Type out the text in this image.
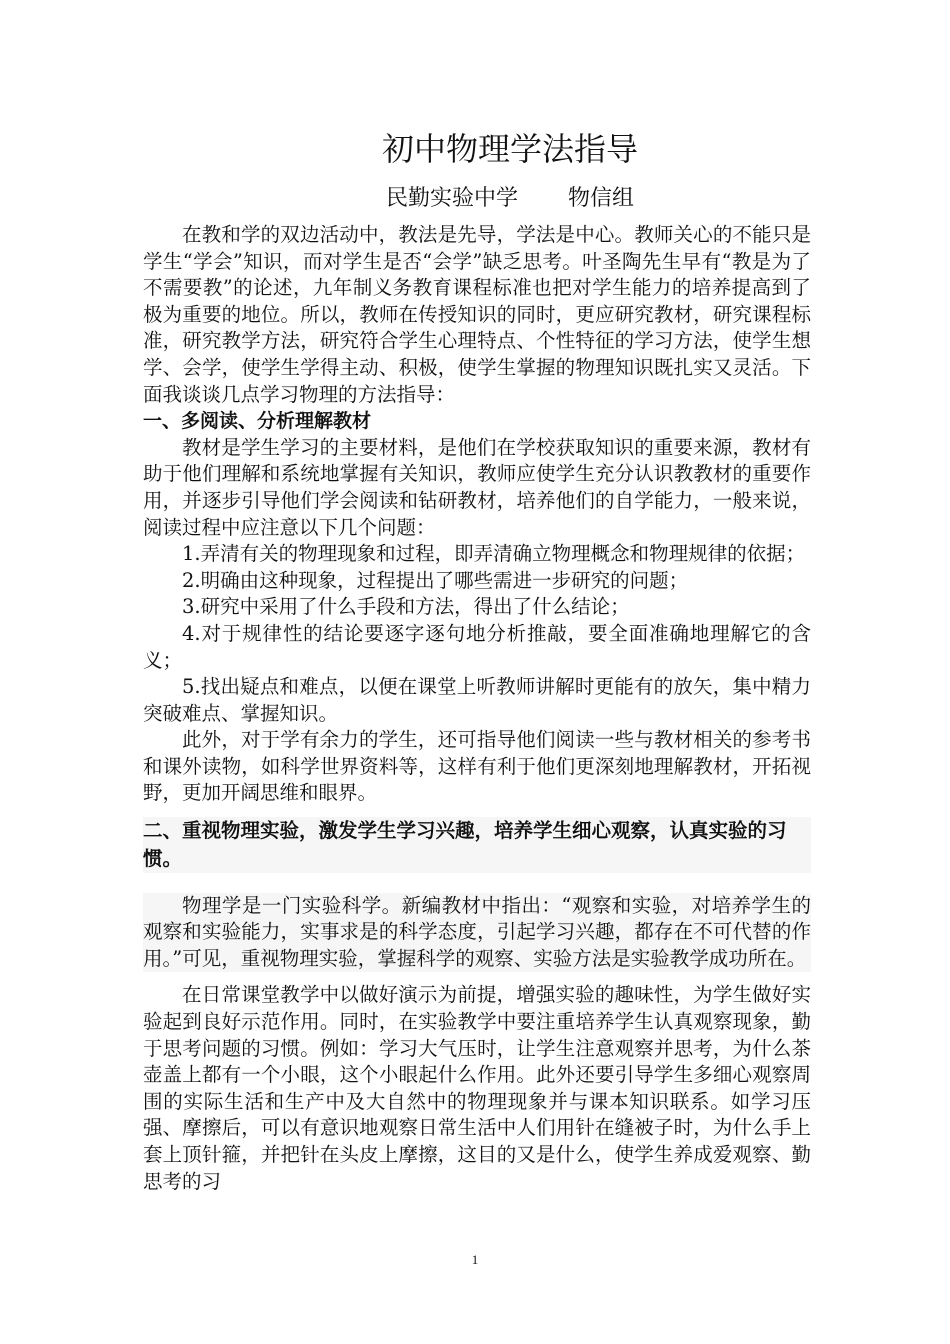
初中物理学法指导
民勤实验中学 物信组

在教和学的双边活动中，教法是先导，学法是中心。教师关心的不能只是学生“学会”知识，而对学生是否“会学”缺乏思考。叶圣陶先生早有“教是为了不需要教”的论述，九年制义务教育课程标准也把对学生能力的培养提高到了极为重要的地位。所以，教师在传授知识的同时，更应研究教材，研究课程标准，研究教学方法，研究符合学生心理特点、个性特征的学习方法，使学生想学、会学，使学生学得主动、积极，使学生掌握的物理知识既扎实又灵活。下面我谈谈几点学习物理的方法指导：

一、多阅读、分析理解教材

教材是学生学习的主要材料，是他们在学校获取知识的重要来源，教材有助于他们理解和系统地掌握有关知识，教师应使学生充分认识教教材的重要作用，并逐步引导他们学会阅读和钻研教材，培养他们的自学能力，一般来说，阅读过程中应注意以下几个问题：

1.弄清有关的物理现象和过程，即弄清确立物理概念和物理规律的依据；

2.明确由这种现象，过程提出了哪些需进一步研究的问题；

3.研究中采用了什么手段和方法，得出了什么结论；

4.对于规律性的结论要逐字逐句地分析推敲，要全面准确地理解它的含义；

5.找出疑点和难点，以便在课堂上听教师讲解时更能有的放矢，集中精力突破难点、掌握知识。

此外，对于学有余力的学生，还可指导他们阅读一些与教材相关的参考书和课外读物，如科学世界资料等，这样有利于他们更深刻地理解教材，开拓视野，更加开阔思维和眼界。

二、重视物理实验，激发学生学习兴趣，培养学生细心观察，认真实验的习惯。

物理学是一门实验科学。新编教材中指出：“观察和实验，对培养学生的观察和实验能力，实事求是的科学态度，引起学习兴趣，都存在不可代替的作用。”可见，重视物理实验，掌握科学的观察、实验方法是实验教学成功所在。

在日常课堂教学中以做好演示为前提，增强实验的趣味性，为学生做好实验起到良好示范作用。同时，在实验教学中要注重培养学生认真观察现象，勤于思考问题的习惯。例如：学习大气压时，让学生注意观察并思考，为什么茶壶盖上都有一个小眼，这个小眼起什么作用。此外还要引导学生多细心观察周围的实际生活和生产中及大自然中的物理现象并与课本知识联系。如学习压强、摩擦后，可以有意识地观察日常生活中人们用针在缝被子时，为什么手上套上顶针箍，并把针在头皮上摩擦，这目的又是什么，使学生养成爱观察、勤思考的习

1
